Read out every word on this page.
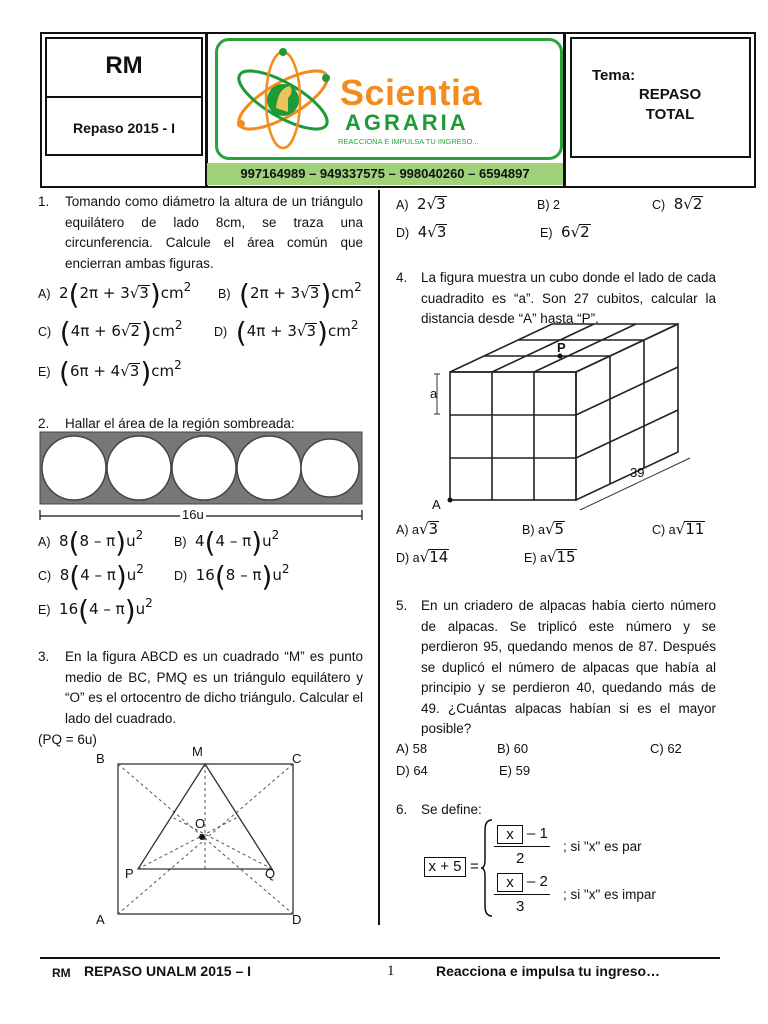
RM
Repaso 2015 - I
Scientia
AGRARIA
REACCIONA E IMPULSA TU INGRESO...
997164989 – 949337575 – 998040260 – 6594897
Tema:
REPASO
TOTAL
1. Tomando como diámetro la altura de un triángulo equilátero de lado 8cm, se traza una circunferencia. Calcule el área común que encierran ambas figuras.
A)  $2(2\pi + 3√3)cm^2$ B) $(2\pi + 3√3)cm^2$
C) $(4\pi + 6√2)cm^2$	D) $(4\pi + 3√3)cm^2$
E) $(6\pi + 4√3)cm^2$
2. Hallar el área de la región sombreada:
16u
A)  $8(8 - \pi)u^2$ B)  $4(4 - \pi)u^2$
C)  $8(4 - \pi)u^2$ D)  $16(8 - \pi)u^2$
E)  $16(4 - \pi)u^2$
3. En la figura ABCD es un cuadrado “M” es punto medio de BC, PMQ es un triángulo equilátero y “O” es el ortocentro de dicho triángulo. Calcular el lado del cuadrado.
(PQ = 6u)
B	M	C
O
P	Q
A	D
A) 2√3	B) 2	C) 8√2
D) 4√3	E) 6√2
4. La figura muestra un cubo donde el lado de cada cuadradito es “a”. Son 27 cubitos, calcular la distancia desde “A” hasta “P”.
P
a
A
39
A) a√3	B) a√5	C) a√11
D) a√14	E) a√15
5. En un criadero de alpacas había cierto número de alpacas. Se triplicó este número y se perdieron 95, quedando menos de 87. Después se duplicó el número de alpacas que había al principio y se perdieron 40, quedando más de 49. ¿Cuántas alpacas habían si es el mayor posible?
A) 58	B) 60	C) 62
D) 64	E) 59
6. Se define:
x + 5 =
x – 1
2
; si "x" es par
x – 2
3
; si "x" es impar
RM REPASO UNALM 2015 – I	1	Reacciona e impulsa tu ingreso…
